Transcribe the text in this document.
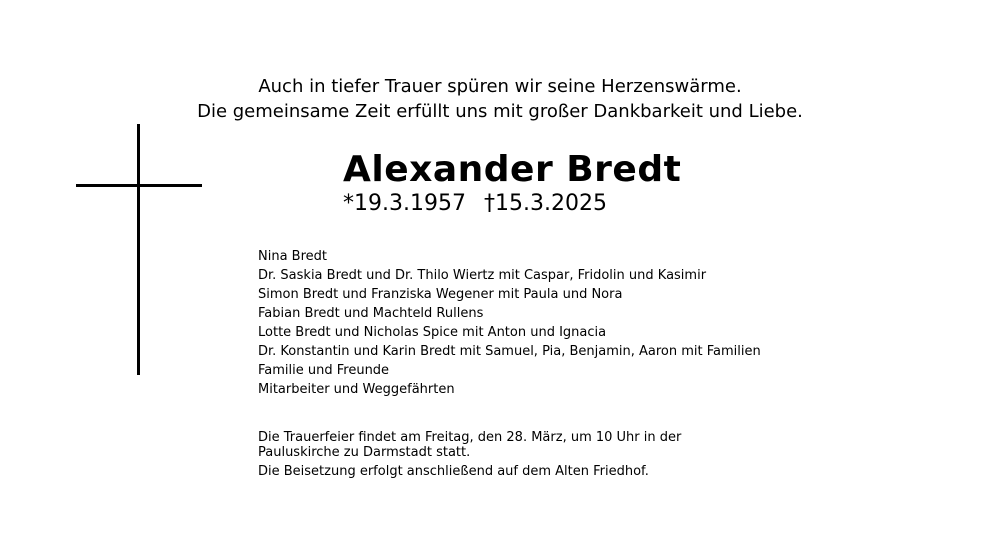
Auch in tiefer Trauer spüren wir seine Herzenswärme.
Die gemeinsame Zeit erfüllt uns mit großer Dankbarkeit und Liebe.
Alexander Bredt
*19.3.1957 †15.3.2025
Nina Bredt
Dr. Saskia Bredt und Dr. Thilo Wiertz mit Caspar, Fridolin und Kasimir
Simon Bredt und Franziska Wegener mit Paula und Nora
Fabian Bredt und Machteld Rullens
Lotte Bredt und Nicholas Spice mit Anton und Ignacia
Dr. Konstantin und Karin Bredt mit Samuel, Pia, Benjamin, Aaron mit Familien
Familie und Freunde
Mitarbeiter und Weggefährten
Die Trauerfeier findet am Freitag, den 28. März, um 10 Uhr in der
Pauluskirche zu Darmstadt statt.
Die Beisetzung erfolgt anschließend auf dem Alten Friedhof.
